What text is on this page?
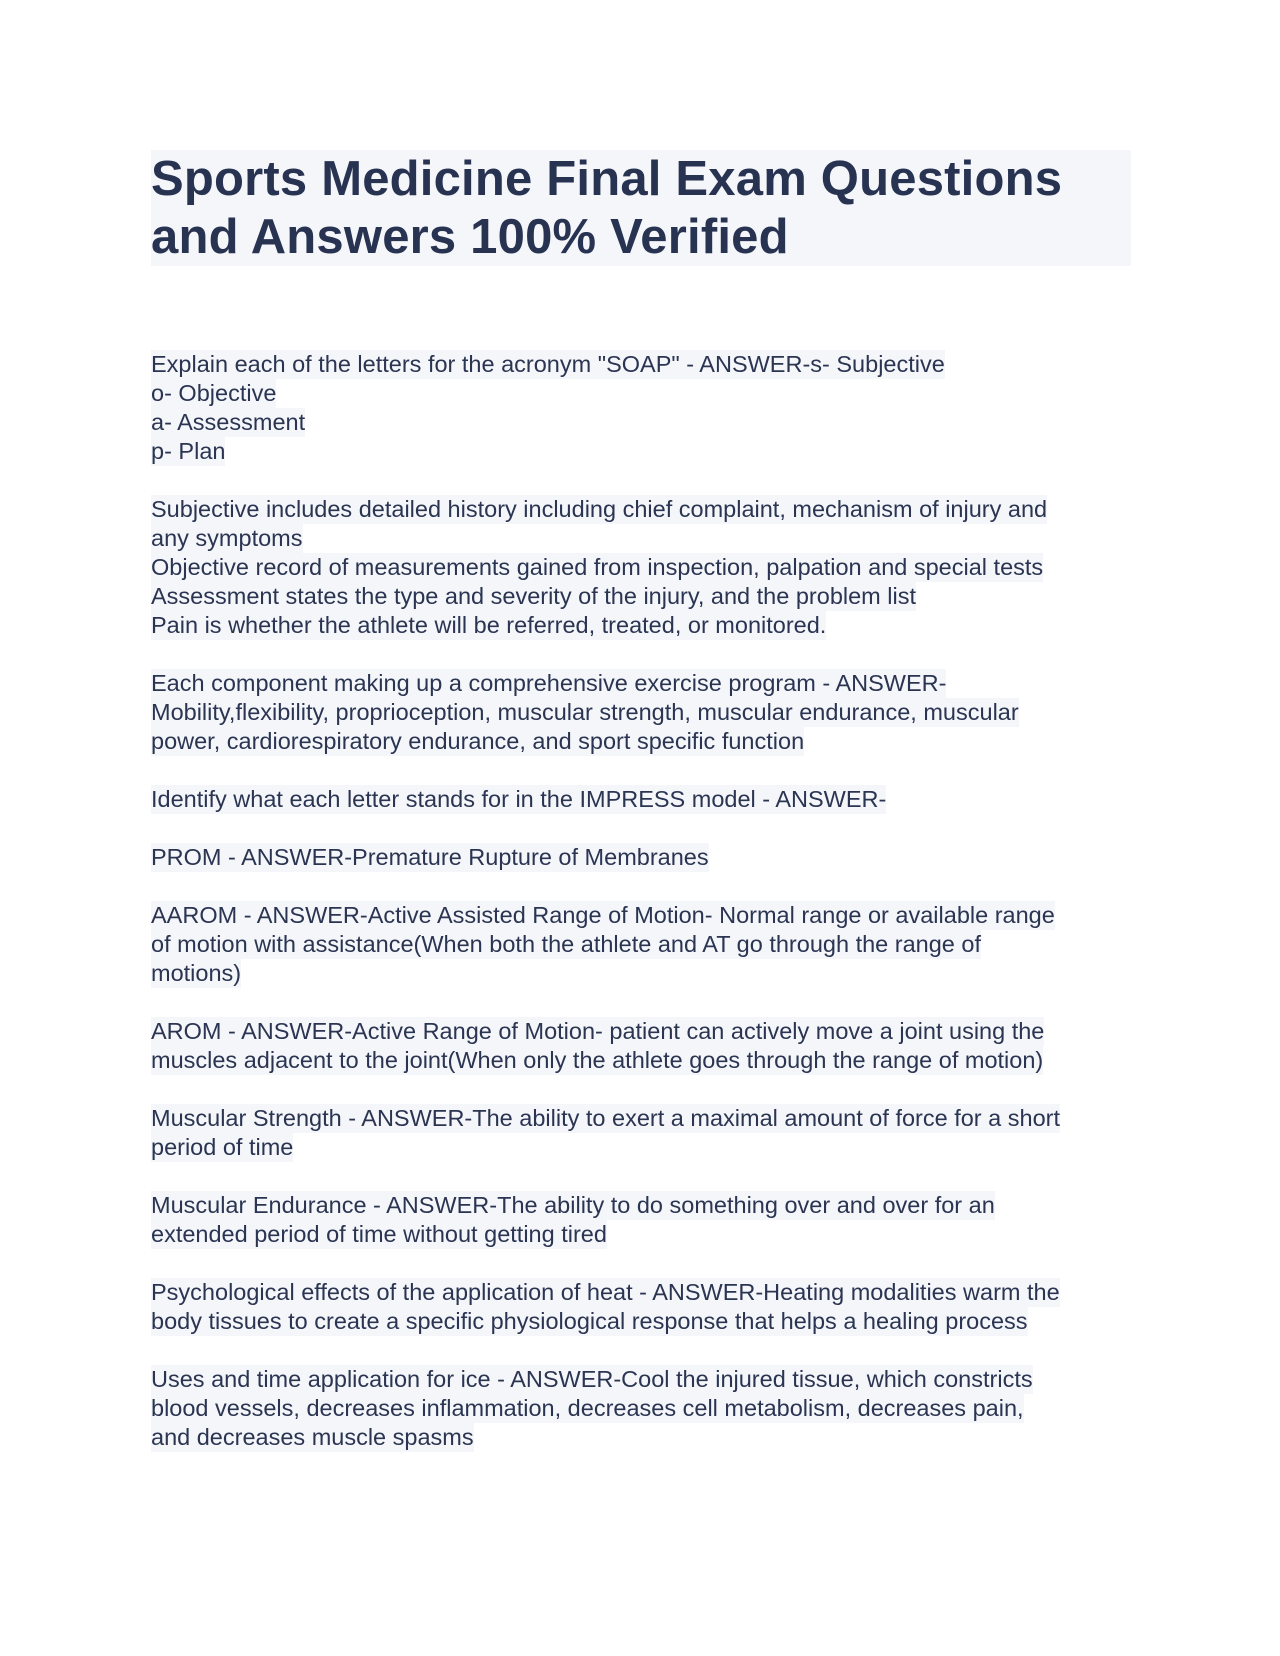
Sports Medicine Final Exam Questions
and Answers 100% Verified
Explain each of the letters for the acronym "SOAP" - ANSWER-s- Subjective
o- Objective
a- Assessment
p- Plan
Subjective includes detailed history including chief complaint, mechanism of injury and
any symptoms
Objective record of measurements gained from inspection, palpation and special tests
Assessment states the type and severity of the injury, and the problem list
Pain is whether the athlete will be referred, treated, or monitored.
Each component making up a comprehensive exercise program - ANSWER-
Mobility,flexibility, proprioception, muscular strength, muscular endurance, muscular
power, cardiorespiratory endurance, and sport specific function
Identify what each letter stands for in the IMPRESS model - ANSWER-
PROM - ANSWER-Premature Rupture of Membranes
AAROM - ANSWER-Active Assisted Range of Motion- Normal range or available range
of motion with assistance(When both the athlete and AT go through the range of
motions)
AROM - ANSWER-Active Range of Motion- patient can actively move a joint using the
muscles adjacent to the joint(When only the athlete goes through the range of motion)
Muscular Strength - ANSWER-The ability to exert a maximal amount of force for a short
period of time
Muscular Endurance - ANSWER-The ability to do something over and over for an
extended period of time without getting tired
Psychological effects of the application of heat - ANSWER-Heating modalities warm the
body tissues to create a specific physiological response that helps a healing process
Uses and time application for ice - ANSWER-Cool the injured tissue, which constricts
blood vessels, decreases inflammation, decreases cell metabolism, decreases pain,
and decreases muscle spasms
